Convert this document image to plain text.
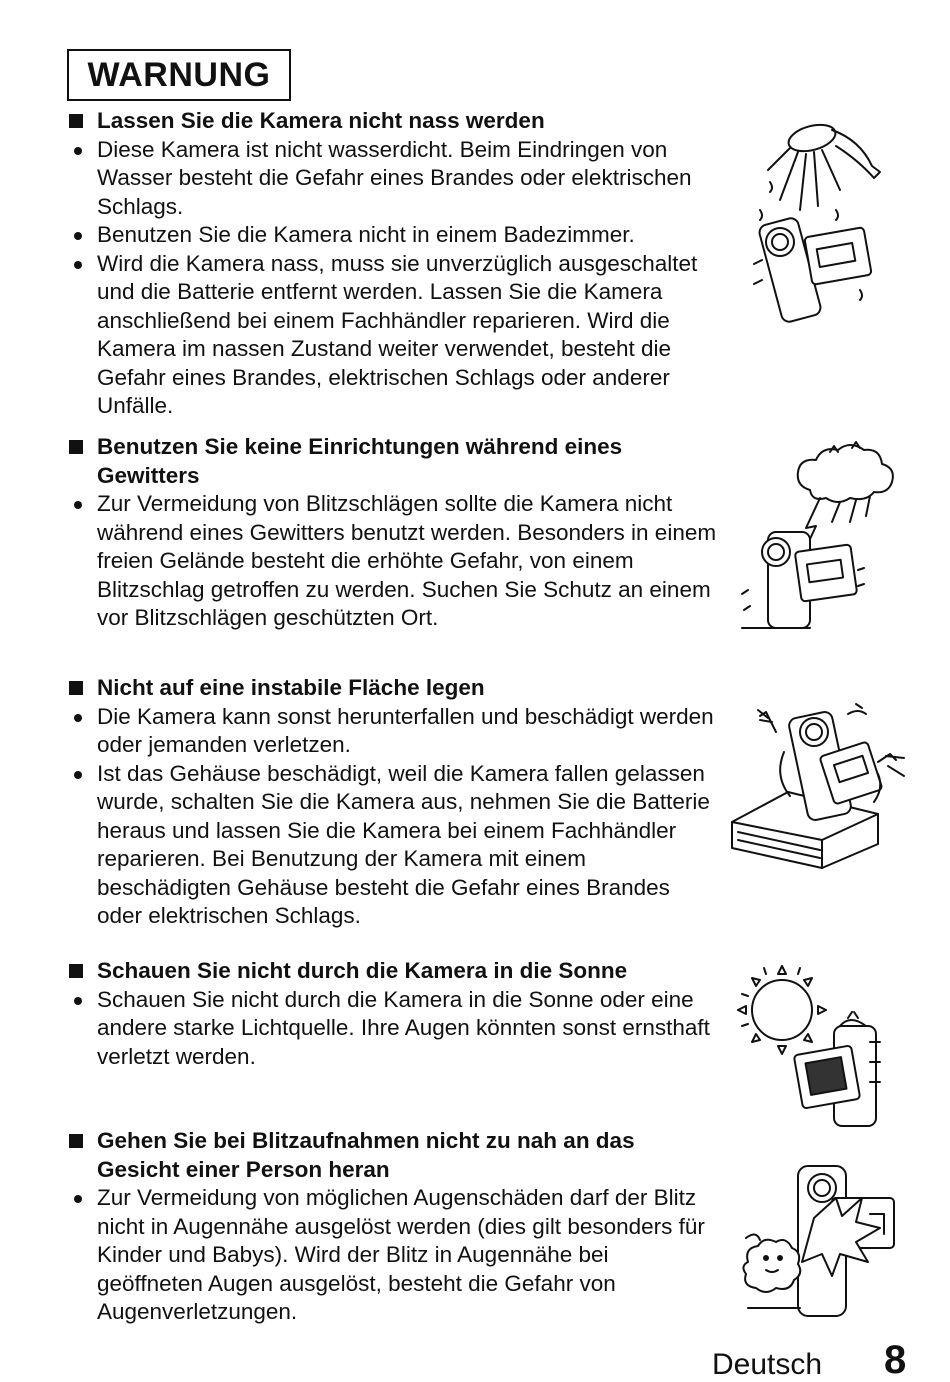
WARNUNG
Lassen Sie die Kamera nicht nass werden
Diese Kamera ist nicht wasserdicht. Beim Eindringen von Wasser besteht die Gefahr eines Brandes oder elektrischen Schlags.
Benutzen Sie die Kamera nicht in einem Badezimmer.
Wird die Kamera nass, muss sie unverzüglich ausgeschaltet und die Batterie entfernt werden. Lassen Sie die Kamera anschließend bei einem Fachhändler reparieren. Wird die Kamera im nassen Zustand weiter verwendet, besteht die Gefahr eines Brandes, elektrischen Schlags oder anderer Unfälle.
Benutzen Sie keine Einrichtungen während eines Gewitters
Zur Vermeidung von Blitzschlägen sollte die Kamera nicht während eines Gewitters benutzt werden. Besonders in einem freien Gelände besteht die erhöhte Gefahr, von einem Blitzschlag getroffen zu werden. Suchen Sie Schutz an einem vor Blitzschlägen geschützten Ort.
Nicht auf eine instabile Fläche legen
Die Kamera kann sonst herunterfallen und beschädigt werden oder jemanden verletzen.
Ist das Gehäuse beschädigt, weil die Kamera fallen gelassen wurde, schalten Sie die Kamera aus, nehmen Sie die Batterie heraus und lassen Sie die Kamera bei einem Fachhändler reparieren. Bei Benutzung der Kamera mit einem beschädigten Gehäuse besteht die Gefahr eines Brandes oder elektrischen Schlags.
Schauen Sie nicht durch die Kamera in die Sonne
Schauen Sie nicht durch die Kamera in die Sonne oder eine andere starke Lichtquelle. Ihre Augen könnten sonst ernsthaft verletzt werden.
Gehen Sie bei Blitzaufnahmen nicht zu nah an das Gesicht einer Person heran
Zur Vermeidung von möglichen Augenschäden darf der Blitz nicht in Augennähe ausgelöst werden (dies gilt besonders für Kinder und Babys). Wird der Blitz in Augennähe bei geöffneten Augen ausgelöst, besteht die Gefahr von Augenverletzungen.
Deutsch 8
